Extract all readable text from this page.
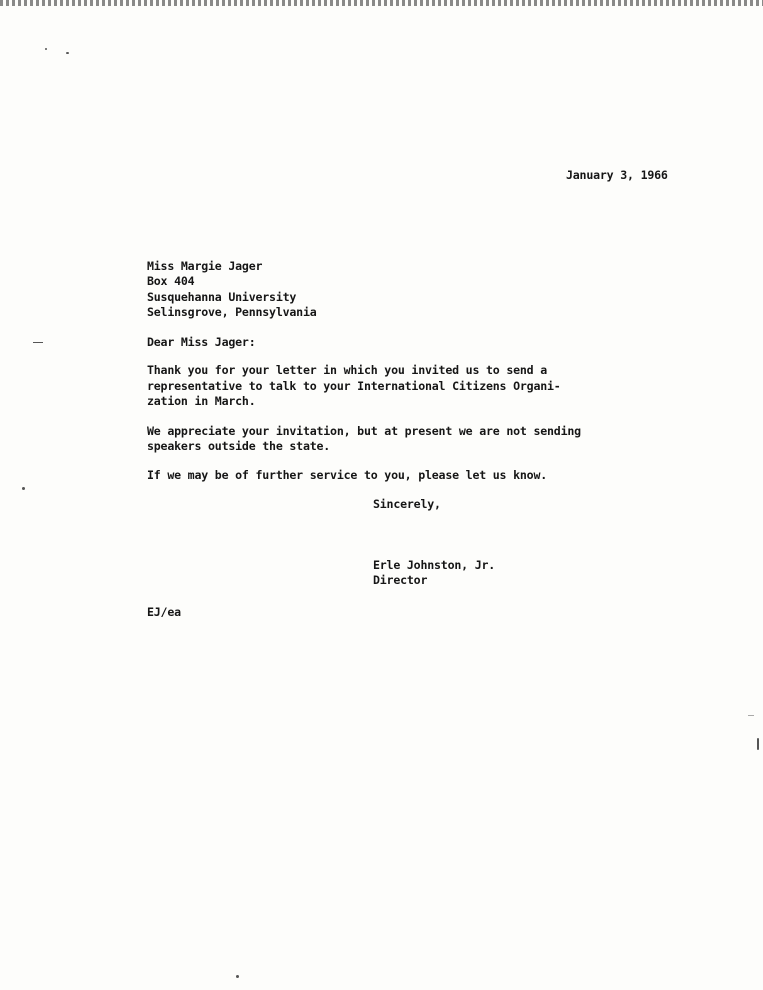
January 3, 1966
Miss Margie Jager
Box 404
Susquehanna University
Selinsgrove, Pennsylvania
Dear Miss Jager:
Thank you for your letter in which you invited us to send a
representative to talk to your International Citizens Organi-
zation in March.
We appreciate your invitation, but at present we are not sending
speakers outside the state.
If we may be of further service to you, please let us know.
Sincerely,
Erle Johnston, Jr.
Director
EJ/ea
